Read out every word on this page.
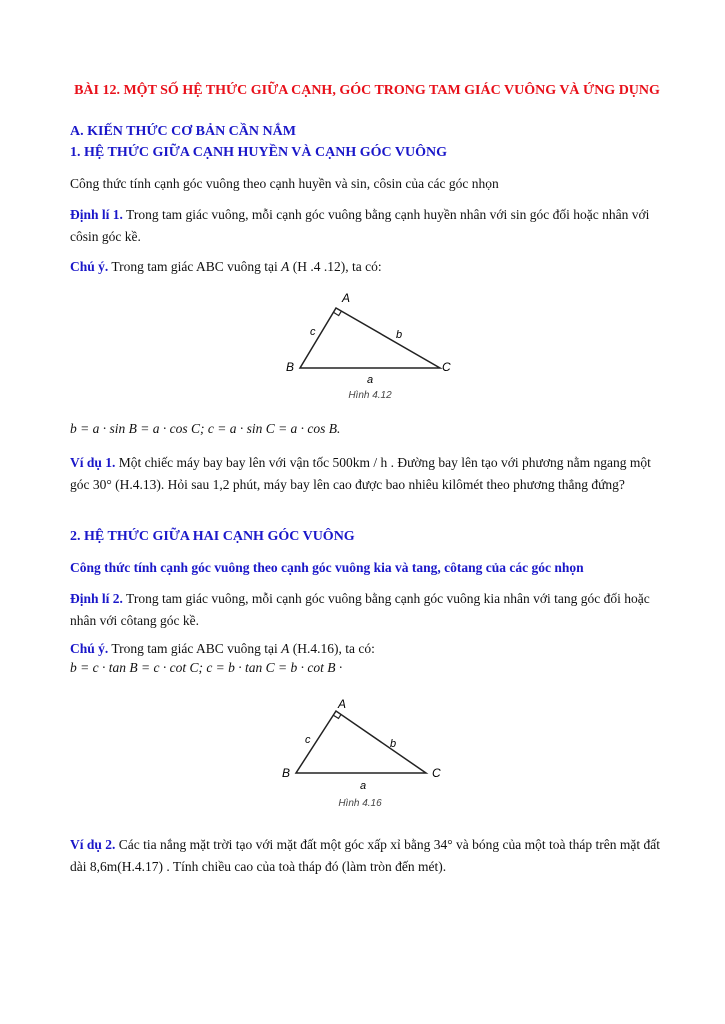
BÀI 12. MỘT SỐ HỆ THỨC GIỮA CẠNH, GÓC TRONG TAM GIÁC VUÔNG VÀ ỨNG DỤNG
A. KIẾN THỨC CƠ BẢN CẦN NẮM
1. HỆ THỨC GIỮA CẠNH HUYỀN VÀ CẠNH GÓC VUÔNG
Công thức tính cạnh góc vuông theo cạnh huyền và sin, côsin của các góc nhọn
Định lí 1. Trong tam giác vuông, mỗi cạnh góc vuông bằng cạnh huyền nhân với sin góc đối hoặc nhân với côsin góc kề.
Chú ý. Trong tam giác ABC vuông tại A (H .4 .12), ta có:
A
B	C
c	b
a
Hình 4.12
b = a · sin B = a · cos C; c = a · sin C = a · cos B.
Ví dụ 1. Một chiếc máy bay bay lên với vận tốc 500km / h . Đường bay lên tạo với phương nằm ngang một góc 30° (H.4.13). Hỏi sau 1,2 phút, máy bay lên cao được bao nhiêu kilômét theo phương thẳng đứng?
2. HỆ THỨC GIỮA HAI CẠNH GÓC VUÔNG
Công thức tính cạnh góc vuông theo cạnh góc vuông kia và tang, côtang của các góc nhọn
Định lí 2. Trong tam giác vuông, mỗi cạnh góc vuông bằng cạnh góc vuông kia nhân với tang góc đối hoặc nhân với côtang góc kề.
Chú ý. Trong tam giác ABC vuông tại A (H.4.16), ta có:
b = c · tan B = c · cot C; c = b · tan C = b · cot B ·
A
B	C
c	b
a
Hình 4.16
Ví dụ 2. Các tia nắng mặt trời tạo với mặt đất một góc xấp xỉ bằng 34° và bóng của một toà tháp trên mặt đất dài 8,6m(H.4.17) . Tính chiều cao của toà tháp đó (làm tròn đến mét).
